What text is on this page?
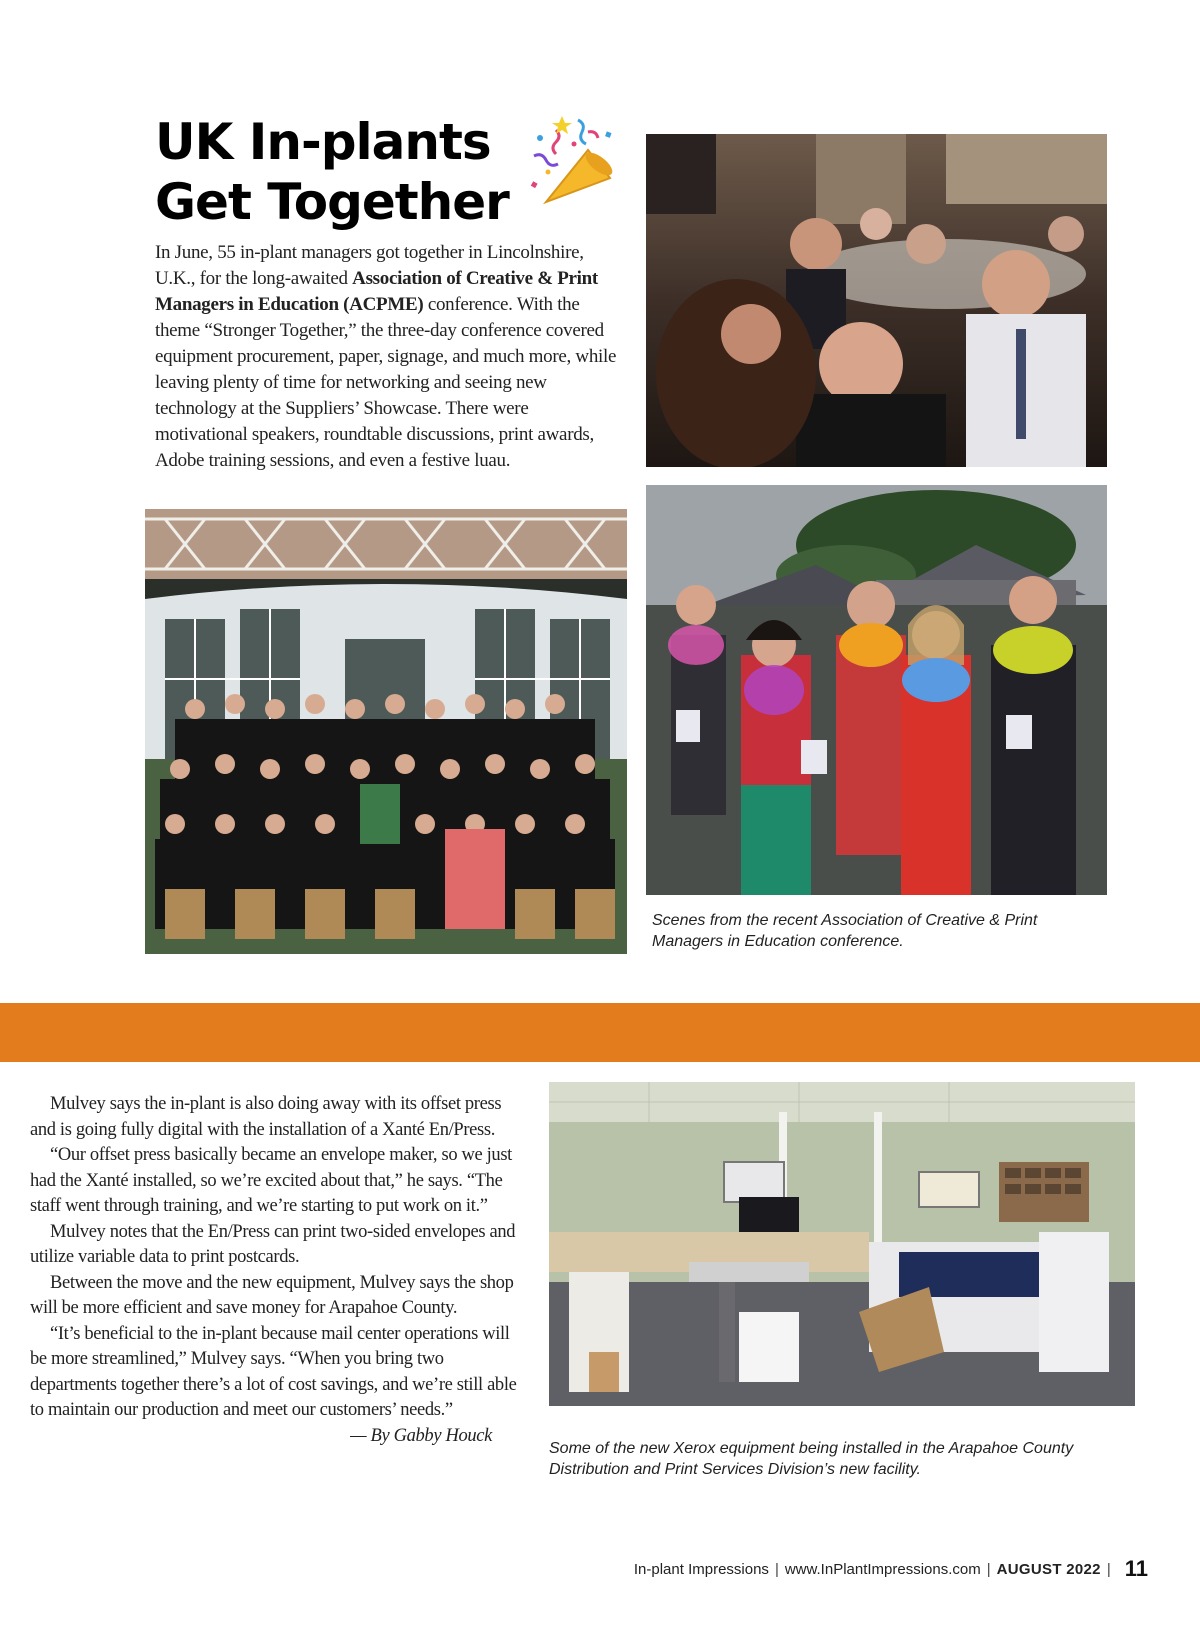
UK In-plants
Get Together

In June, 55 in-plant managers got together in Lincolnshire, U.K., for the long-awaited Association of Creative & Print Managers in Education (ACPME) conference. With the theme “Stronger Together,” the three-day conference covered equipment procurement, paper, signage, and much more, while leaving plenty of time for networking and seeing new technology at the Suppliers’ Showcase. There were motivational speakers, roundtable discussions, print awards, Adobe training sessions, and even a festive luau.

Scenes from the recent Association of Creative & Print Managers in Education conference.

Mulvey says the in-plant is also doing away with its offset press and is going fully digital with the installation of a Xanté En/Press.

“Our offset press basically became an envelope maker, so we just had the Xanté installed, so we’re excited about that,” he says. “The staff went through training, and we’re starting to put work on it.”

Mulvey notes that the En/Press can print two-sided envelopes and utilize variable data to print postcards.

Between the move and the new equipment, Mulvey says the shop will be more efficient and save money for Arapahoe County.

“It’s beneficial to the in-plant because mail center operations will be more streamlined,” Mulvey says. “When you bring two departments together there’s a lot of cost savings, and we’re still able to maintain our production and meet our customers’ needs.”

— By Gabby Houck

Some of the new Xerox equipment being installed in the Arapahoe County Distribution and Print Services Division’s new facility.
In-plant Impressions | www.InPlantImpressions.com | AUGUST 2022 | 11
